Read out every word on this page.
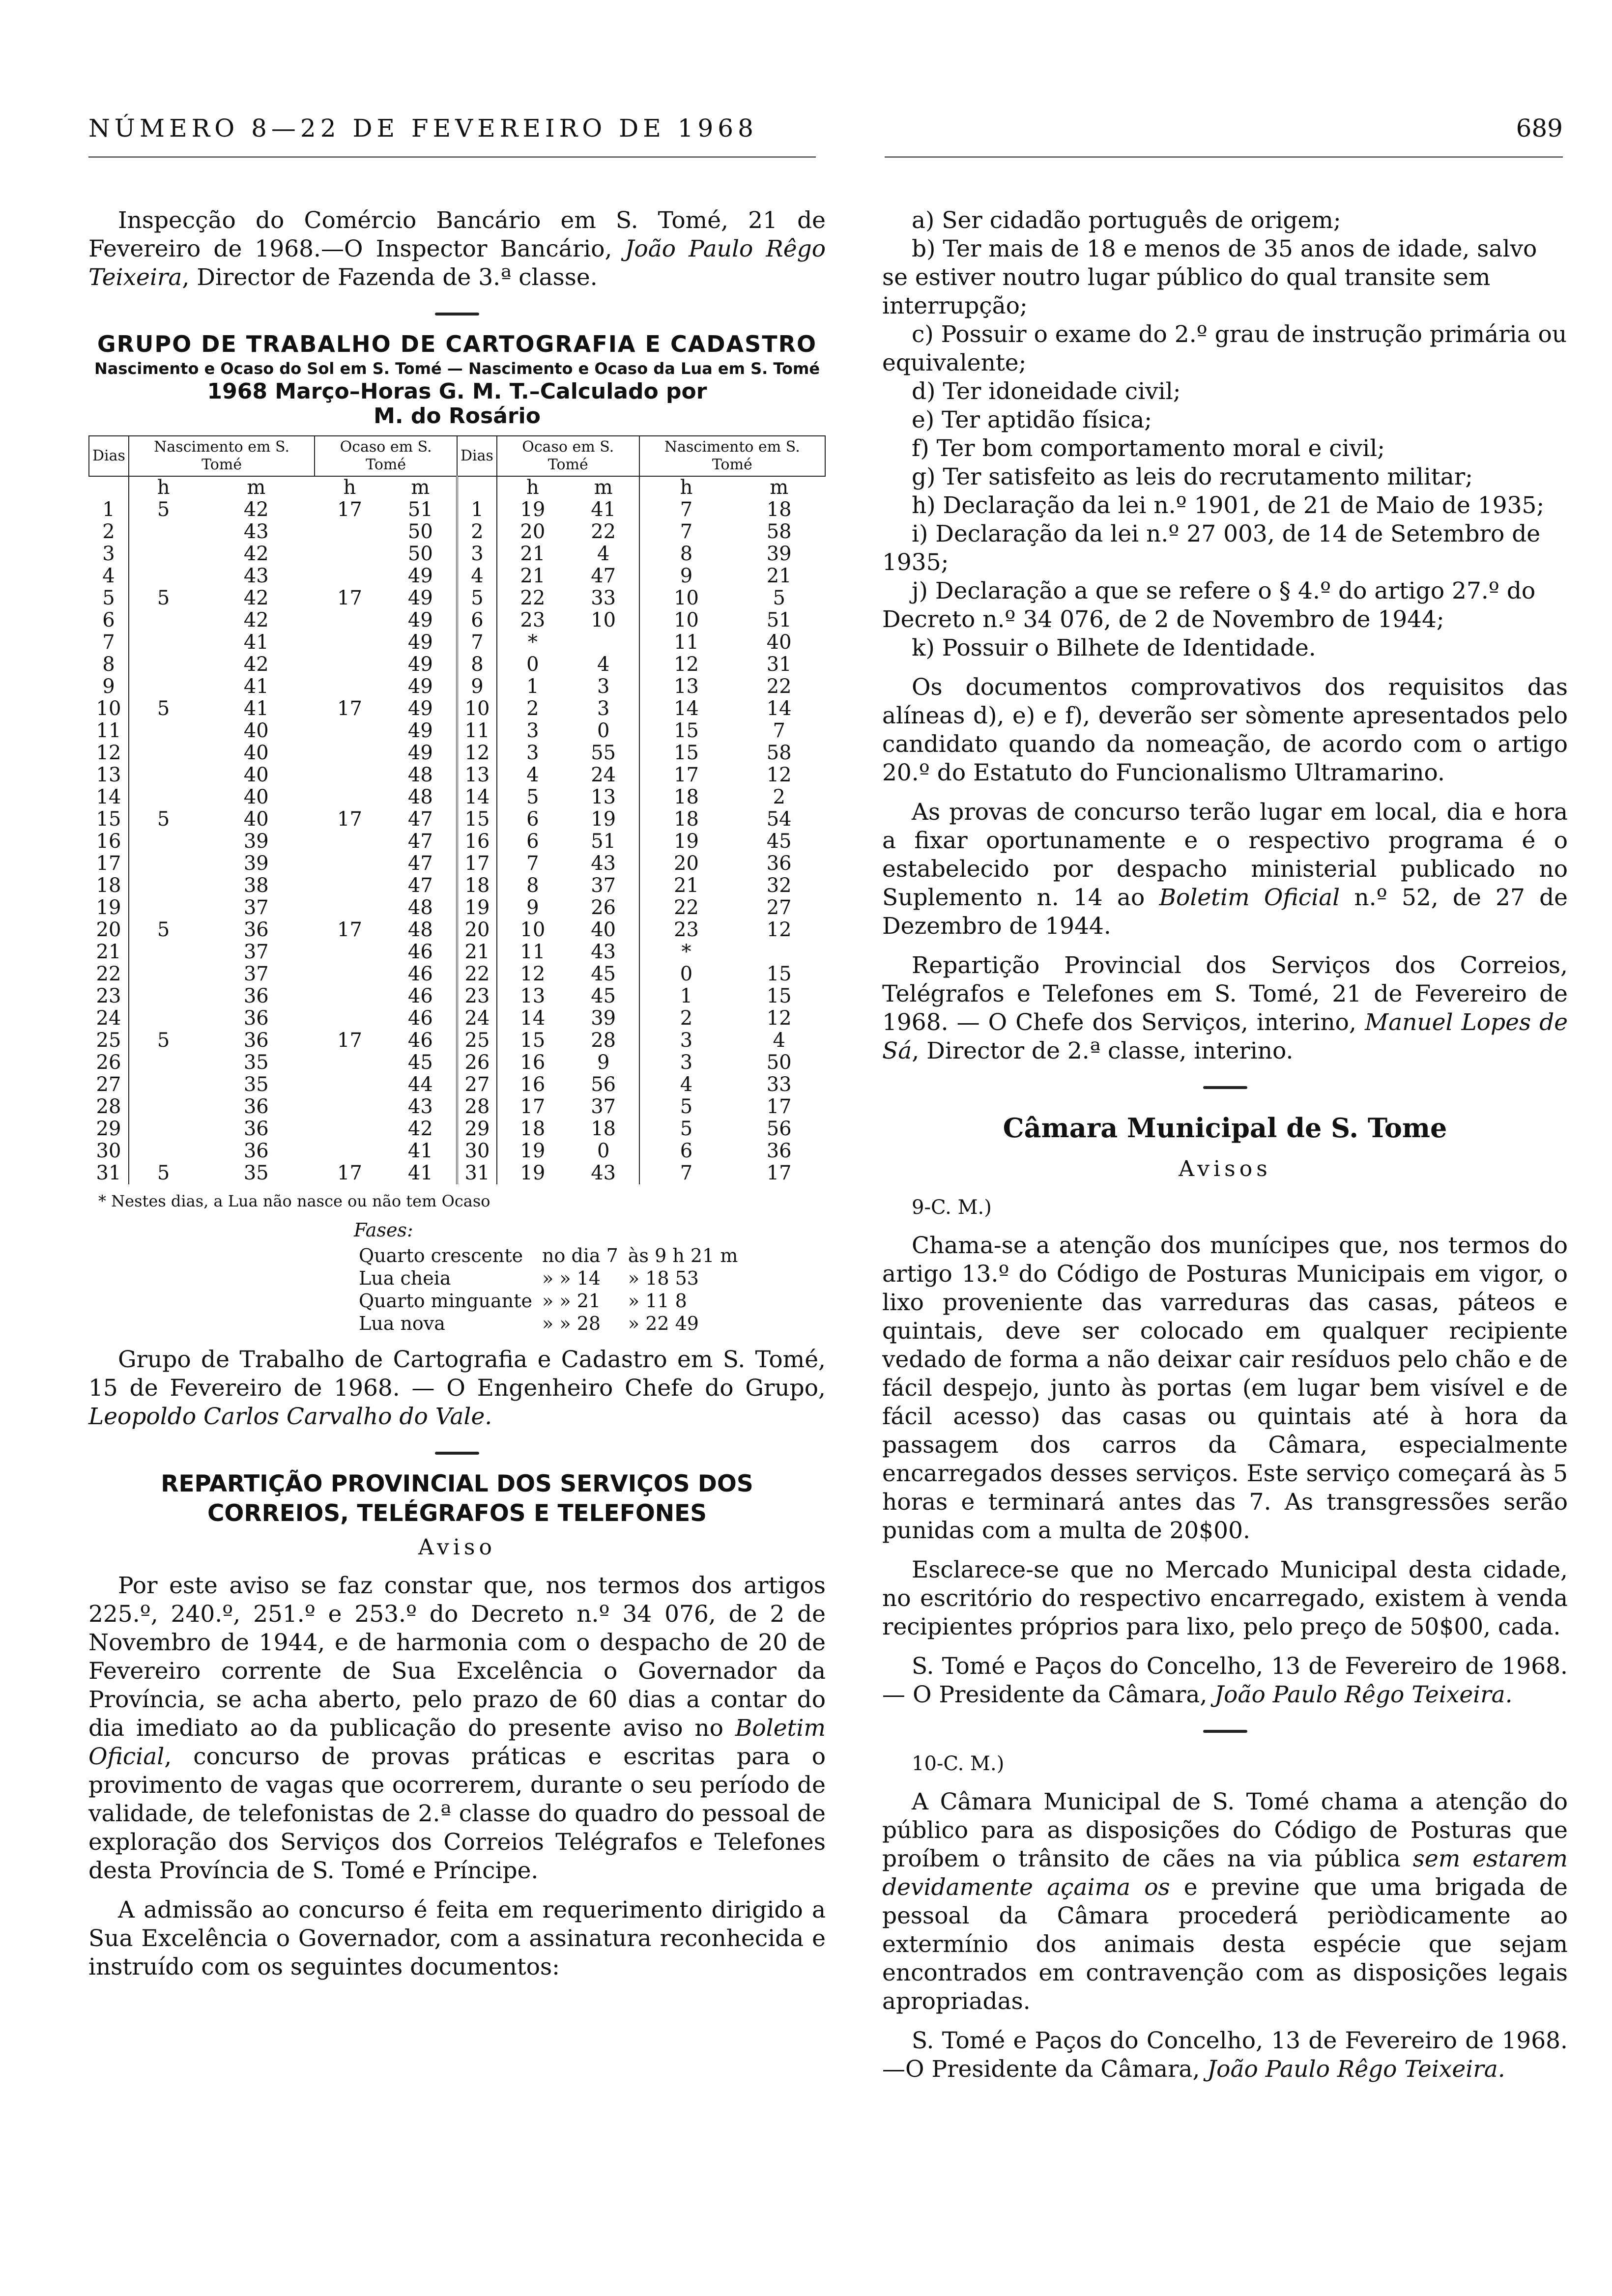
NÚMERO 8—22 DE FEVEREIRO DE 1968	689

Inspecção do Comércio Bancário em S. Tomé, 21 de Fevereiro de 1968.—O Inspector Bancário, João Paulo Rêgo Teixeira, Director de Fazenda de 3.ª classe.

GRUPO DE TRABALHO DE CARTOGRAFIA E CADASTRO
Nascimento e Ocaso do Sol em S. Tomé — Nascimento e Ocaso da Lua em S. Tomé
1968 Março–Horas G. M. T.–Calculado por
M. do Rosário
Dias	Nascimento em S. Tomé		Ocaso em S. Tomé		Dias	Ocaso em S. Tomé		Nascimento em S. Tomé	
	h	m	h	m		h	m	h	m
1	5	42	17	51	1	19	41	7	18
2		43		50	2	20	22	7	58
3		42		50	3	21	4	8	39
4		43		49	4	21	47	9	21
5	5	42	17	49	5	22	33	10	5
6		42		49	6	23	10	10	51
7		41		49	7	*		11	40
8		42		49	8	0	4	12	31
9		41		49	9	1	3	13	22
10	5	41	17	49	10	2	3	14	14
11		40		49	11	3	0	15	7
12		40		49	12	3	55	15	58
13		40		48	13	4	24	17	12
14		40		48	14	5	13	18	2
15	5	40	17	47	15	6	19	18	54
16		39		47	16	6	51	19	45
17		39		47	17	7	43	20	36
18		38		47	18	8	37	21	32
19		37		48	19	9	26	22	27
20	5	36	17	48	20	10	40	23	12
21		37		46	21	11	43	*	
22		37		46	22	12	45	0	15
23		36		46	23	13	45	1	15
24		36		46	24	14	39	2	12
25	5	36	17	46	25	15	28	3	4
26		35		45	26	16	9	3	50
27		35		44	27	16	56	4	33
28		36		43	28	17	37	5	17
29		36		42	29	18	18	5	56
30		36		41	30	19	0	6	36
31	5	35	17	41	31	19	43	7	17
* Nestes dias, a Lua não nasce ou não tem Ocaso
Fases:
Quarto crescente	no dia 7	às 9 h 21 m
Lua cheia	» » 14	» 18 53
Quarto minguante	» » 21	» 11 8
Lua nova	» » 28	» 22 49

Grupo de Trabalho de Cartografia e Cadastro em S. Tomé, 15 de Fevereiro de 1968. — O Engenheiro Chefe do Grupo, Leopoldo Carlos Carvalho do Vale.

REPARTIÇÃO PROVINCIAL DOS SERVIÇOS DOS CORREIOS, TELÉGRAFOS E TELEFONES
Aviso

Por este aviso se faz constar que, nos termos dos artigos 225.º, 240.º, 251.º e 253.º do Decreto n.º 34 076, de 2 de Novembro de 1944, e de harmonia com o despacho de 20 de Fevereiro corrente de Sua Excelência o Governador da Província, se acha aberto, pelo prazo de 60 dias a contar do dia imediato ao da publicação do presente aviso no Boletim Oficial, concurso de provas práticas e escritas para o provimento de vagas que ocorrerem, durante o seu período de validade, de telefonistas de 2.ª classe do quadro do pessoal de exploração dos Serviços dos Correios Telégrafos e Telefones desta Província de S. Tomé e Príncipe.

A admissão ao concurso é feita em requerimento dirigido a Sua Excelência o Governador, com a assinatura reconhecida e instruído com os seguintes documentos:

a) Ser cidadão português de origem;
b) Ter mais de 18 e menos de 35 anos de idade, salvo se estiver noutro lugar público do qual transite sem interrupção;
c) Possuir o exame do 2.º grau de instrução primária ou equivalente;
d) Ter idoneidade civil;
e) Ter aptidão física;
f) Ter bom comportamento moral e civil;
g) Ter satisfeito as leis do recrutamento militar;
h) Declaração da lei n.º 1901, de 21 de Maio de 1935;
i) Declaração da lei n.º 27 003, de 14 de Setembro de 1935;
j) Declaração a que se refere o § 4.º do artigo 27.º do Decreto n.º 34 076, de 2 de Novembro de 1944;
k) Possuir o Bilhete de Identidade.

Os documentos comprovativos dos requisitos das alíneas d), e) e f), deverão ser sòmente apresentados pelo candidato quando da nomeação, de acordo com o artigo 20.º do Estatuto do Funcionalismo Ultramarino.

As provas de concurso terão lugar em local, dia e hora a fixar oportunamente e o respectivo programa é o estabelecido por despacho ministerial publicado no Suplemento n. 14 ao Boletim Oficial n.º 52, de 27 de Dezembro de 1944.

Repartição Provincial dos Serviços dos Correios, Telégrafos e Telefones em S. Tomé, 21 de Fevereiro de 1968. — O Chefe dos Serviços, interino, Manuel Lopes de Sá, Director de 2.ª classe, interino.

Câmara Municipal de S. Tome
Avisos
9-C. M.)

Chama-se a atenção dos munícipes que, nos termos do artigo 13.º do Código de Posturas Municipais em vigor, o lixo proveniente das varreduras das casas, páteos e quintais, deve ser colocado em qualquer recipiente vedado de forma a não deixar cair resíduos pelo chão e de fácil despejo, junto às portas (em lugar bem visível e de fácil acesso) das casas ou quintais até à hora da passagem dos carros da Câmara, especialmente encarregados desses serviços. Este serviço começará às 5 horas e terminará antes das 7. As transgressões serão punidas com a multa de 20$00.

Esclarece-se que no Mercado Municipal desta cidade, no escritório do respectivo encarregado, existem à venda recipientes próprios para lixo, pelo preço de 50$00, cada.

S. Tomé e Paços do Concelho, 13 de Fevereiro de 1968. — O Presidente da Câmara, João Paulo Rêgo Teixeira.

10-C. M.)

A Câmara Municipal de S. Tomé chama a atenção do público para as disposições do Código de Posturas que proíbem o trânsito de cães na via pública sem estarem devidamente açaima os e previne que uma brigada de pessoal da Câmara procederá periòdicamente ao extermínio dos animais desta espécie que sejam encontrados em contravenção com as disposições legais apropriadas.

S. Tomé e Paços do Concelho, 13 de Fevereiro de 1968.—O Presidente da Câmara, João Paulo Rêgo Teixeira.
